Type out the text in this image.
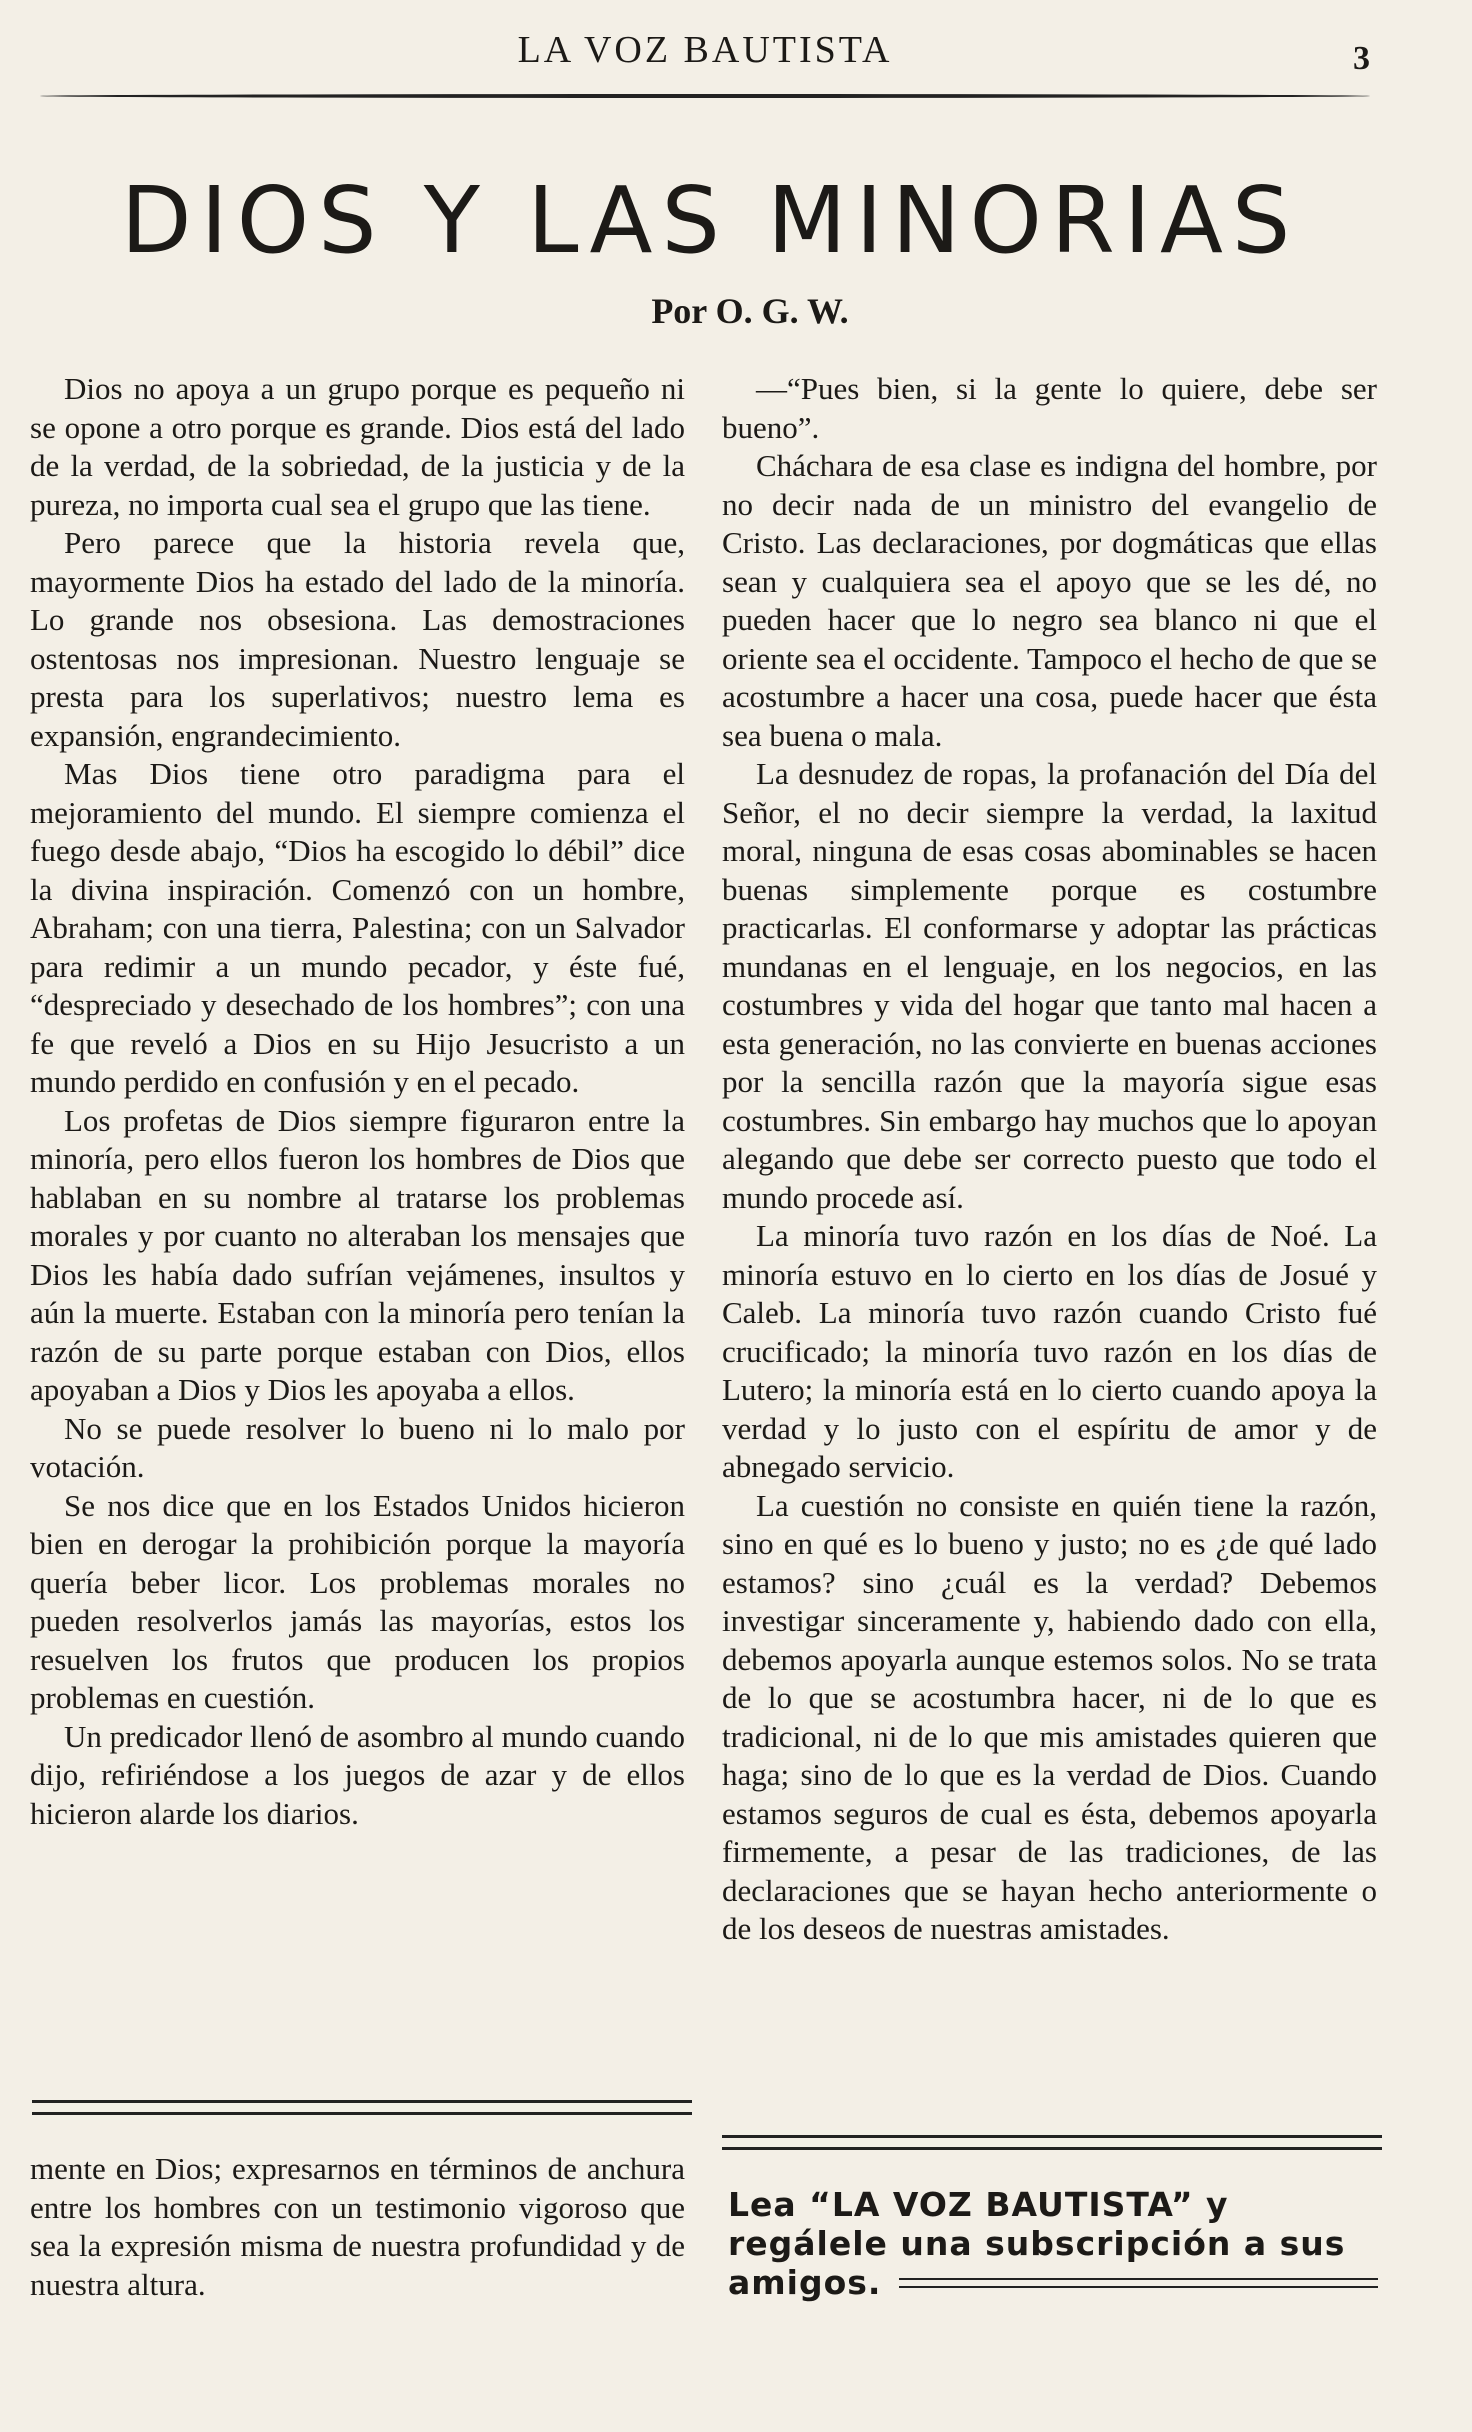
LA VOZ BAUTISTA	3
DIOS Y LAS MINORIAS
Por O. G. W.

Dios no apoya a un grupo porque es pequeño ni se opone a otro porque es grande. Dios está del lado de la verdad, de la sobriedad, de la justicia y de la pureza, no importa cual sea el grupo que las tiene.

Pero parece que la historia revela que, mayormente Dios ha estado del lado de la minoría. Lo grande nos obsesiona. Las demostraciones ostentosas nos impresionan. Nuestro lenguaje se presta para los superlativos; nuestro lema es expansión, engrandecimiento.

Mas Dios tiene otro paradigma para el mejoramiento del mundo. El siempre comienza el fuego desde abajo, “Dios ha escogido lo débil” dice la divina inspiración. Comenzó con un hombre, Abraham; con una tierra, Palestina; con un Salvador para redimir a un mundo pecador, y éste fué, “despreciado y desechado de los hombres”; con una fe que reveló a Dios en su Hijo Jesucristo a un mundo perdido en confusión y en el pecado.

Los profetas de Dios siempre figuraron entre la minoría, pero ellos fueron los hombres de Dios que hablaban en su nombre al tratarse los problemas morales y por cuanto no alteraban los mensajes que Dios les había dado sufrían vejámenes, insultos y aún la muerte. Estaban con la minoría pero tenían la razón de su parte porque estaban con Dios, ellos apoyaban a Dios y Dios les apoyaba a ellos.

No se puede resolver lo bueno ni lo malo por votación.

Se nos dice que en los Estados Unidos hicieron bien en derogar la prohibición porque la mayoría quería beber licor. Los problemas morales no pueden resolverlos jamás las mayorías, estos los resuelven los frutos que producen los propios problemas en cuestión.

Un predicador llenó de asombro al mundo cuando dijo, refiriéndose a los juegos de azar y de ellos hicieron alarde los diarios.

—“Pues bien, si la gente lo quiere, debe ser bueno”.

Cháchara de esa clase es indigna del hombre, por no decir nada de un ministro del evangelio de Cristo. Las declaraciones, por dogmáticas que ellas sean y cualquiera sea el apoyo que se les dé, no pueden hacer que lo negro sea blanco ni que el oriente sea el occidente. Tampoco el hecho de que se acostumbre a hacer una cosa, puede hacer que ésta sea buena o mala.

La desnudez de ropas, la profanación del Día del Señor, el no decir siempre la verdad, la laxitud moral, ninguna de esas cosas abominables se hacen buenas simplemente porque es costumbre practicarlas. El conformarse y adoptar las prácticas mundanas en el lenguaje, en los negocios, en las costumbres y vida del hogar que tanto mal hacen a esta generación, no las convierte en buenas acciones por la sencilla razón que la mayoría sigue esas costumbres. Sin embargo hay muchos que lo apoyan alegando que debe ser correcto puesto que todo el mundo procede así.

La minoría tuvo razón en los días de Noé. La minoría estuvo en lo cierto en los días de Josué y Caleb. La minoría tuvo razón cuando Cristo fué crucificado; la minoría tuvo razón en los días de Lutero; la minoría está en lo cierto cuando apoya la verdad y lo justo con el espíritu de amor y de abnegado servicio.

La cuestión no consiste en quién tiene la razón, sino en qué es lo bueno y justo; no es ¿de qué lado estamos? sino ¿cuál es la verdad? Debemos investigar sinceramente y, habiendo dado con ella, debemos apoyarla aunque estemos solos. No se trata de lo que se acostumbra hacer, ni de lo que es tradicional, ni de lo que mis amistades quieren que haga; sino de lo que es la verdad de Dios. Cuando estamos seguros de cual es ésta, debemos apoyarla firmemente, a pesar de las tradiciones, de las declaraciones que se hayan hecho anteriormente o de los deseos de nuestras amistades.

mente en Dios; expresarnos en términos de anchura entre los hombres con un testimonio vigoroso que sea la expresión misma de nuestra profundidad y de nuestra altura.

Lea “LA VOZ BAUTISTA” y
regálele una subscripción a sus
amigos.
